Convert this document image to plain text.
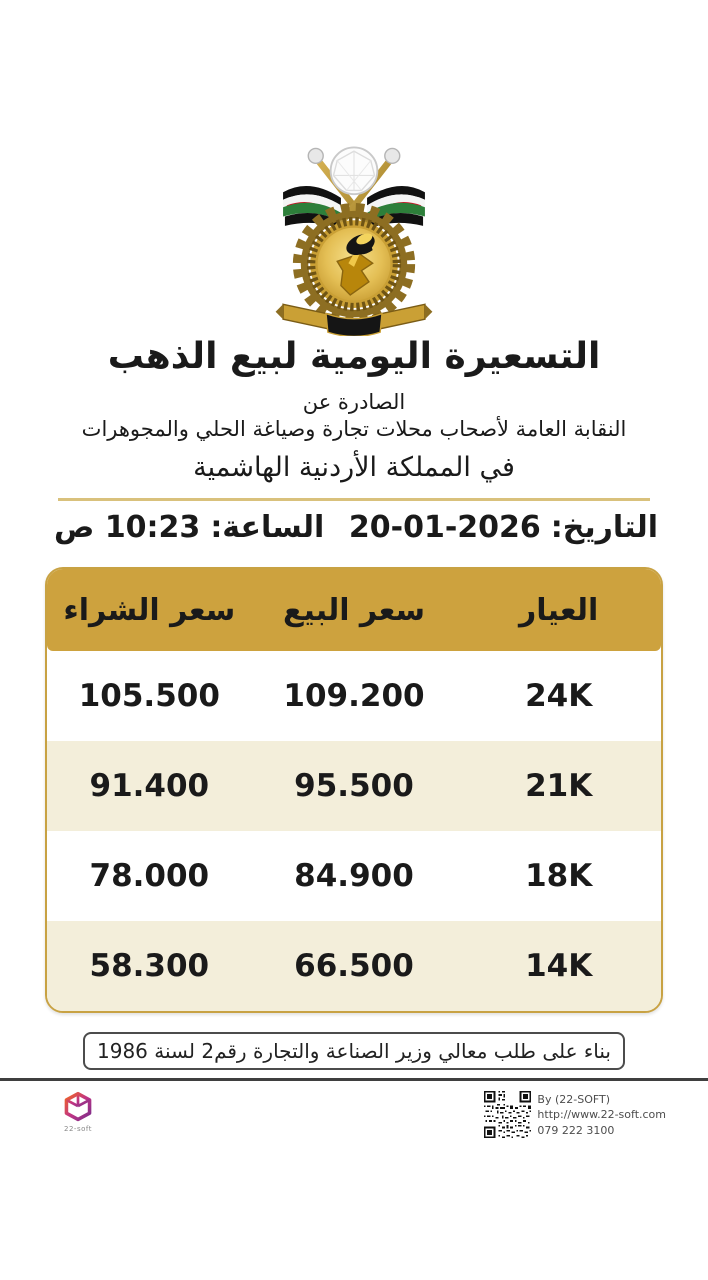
التسعيرة اليومية لبيع الذهب
الصادرة عن
النقابة العامة لأصحاب محلات تجارة وصياغة الحلي والمجوهرات
في المملكة الأردنية الهاشمية
التاريخ:
20-01-2026
الساعة:
10:23 ص
العيار
سعر البيع
سعر الشراء
24K
109.200
105.500
21K
95.500
91.400
18K
84.900
78.000
14K
66.500
58.300
بناء على طلب معالي وزير الصناعة والتجارة رقم2 لسنة 1986
22-soft
By (22-SOFT)
http://www.22-soft.com
079 222 3100
